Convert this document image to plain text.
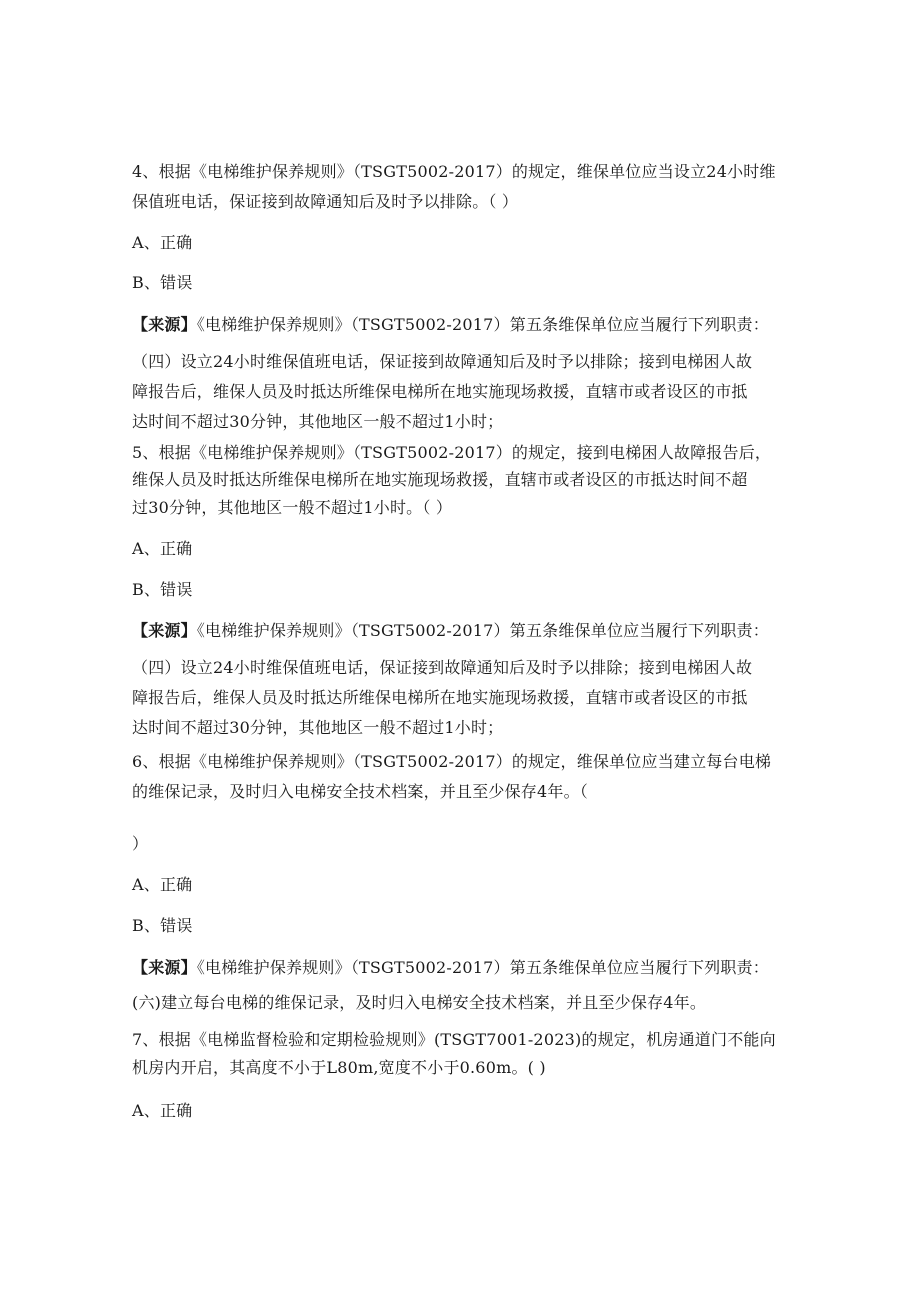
4、根据《电梯维护保养规则》（TSGT5002-2017）的规定，维保单位应当设立24小时维
保值班电话，保证接到故障通知后及时予以排除。（ ）
A、正确
B、错误
【来源】《电梯维护保养规则》（TSGT5002-2017）第五条维保单位应当履行下列职责：
（四）设立24小时维保值班电话，保证接到故障通知后及时予以排除；接到电梯困人故
障报告后，维保人员及时抵达所维保电梯所在地实施现场救援，直辖市或者设区的市抵
达时间不超过30分钟，其他地区一般不超过1小时；
5、根据《电梯维护保养规则》（TSGT5002-2017）的规定，接到电梯困人故障报告后，
维保人员及时抵达所维保电梯所在地实施现场救援，直辖市或者设区的市抵达时间不超
过30分钟，其他地区一般不超过1小时。（ ）
A、正确
B、错误
【来源】《电梯维护保养规则》（TSGT5002-2017）第五条维保单位应当履行下列职责：
（四）设立24小时维保值班电话，保证接到故障通知后及时予以排除；接到电梯困人故
障报告后，维保人员及时抵达所维保电梯所在地实施现场救援，直辖市或者设区的市抵
达时间不超过30分钟，其他地区一般不超过1小时；
6、根据《电梯维护保养规则》（TSGT5002-2017）的规定，维保单位应当建立每台电梯
的维保记录，及时归入电梯安全技术档案，并且至少保存4年。（
）
A、正确
B、错误
【来源】《电梯维护保养规则》（TSGT5002-2017）第五条维保单位应当履行下列职责：
(六)建立每台电梯的维保记录，及时归入电梯安全技术档案，并且至少保存4年。
7、根据《电梯监督检验和定期检验规则》(TSGT7001-2023)的规定，机房通道门不能向
机房内开启，其高度不小于L80m,宽度不小于0.60m。( )
A、正确
